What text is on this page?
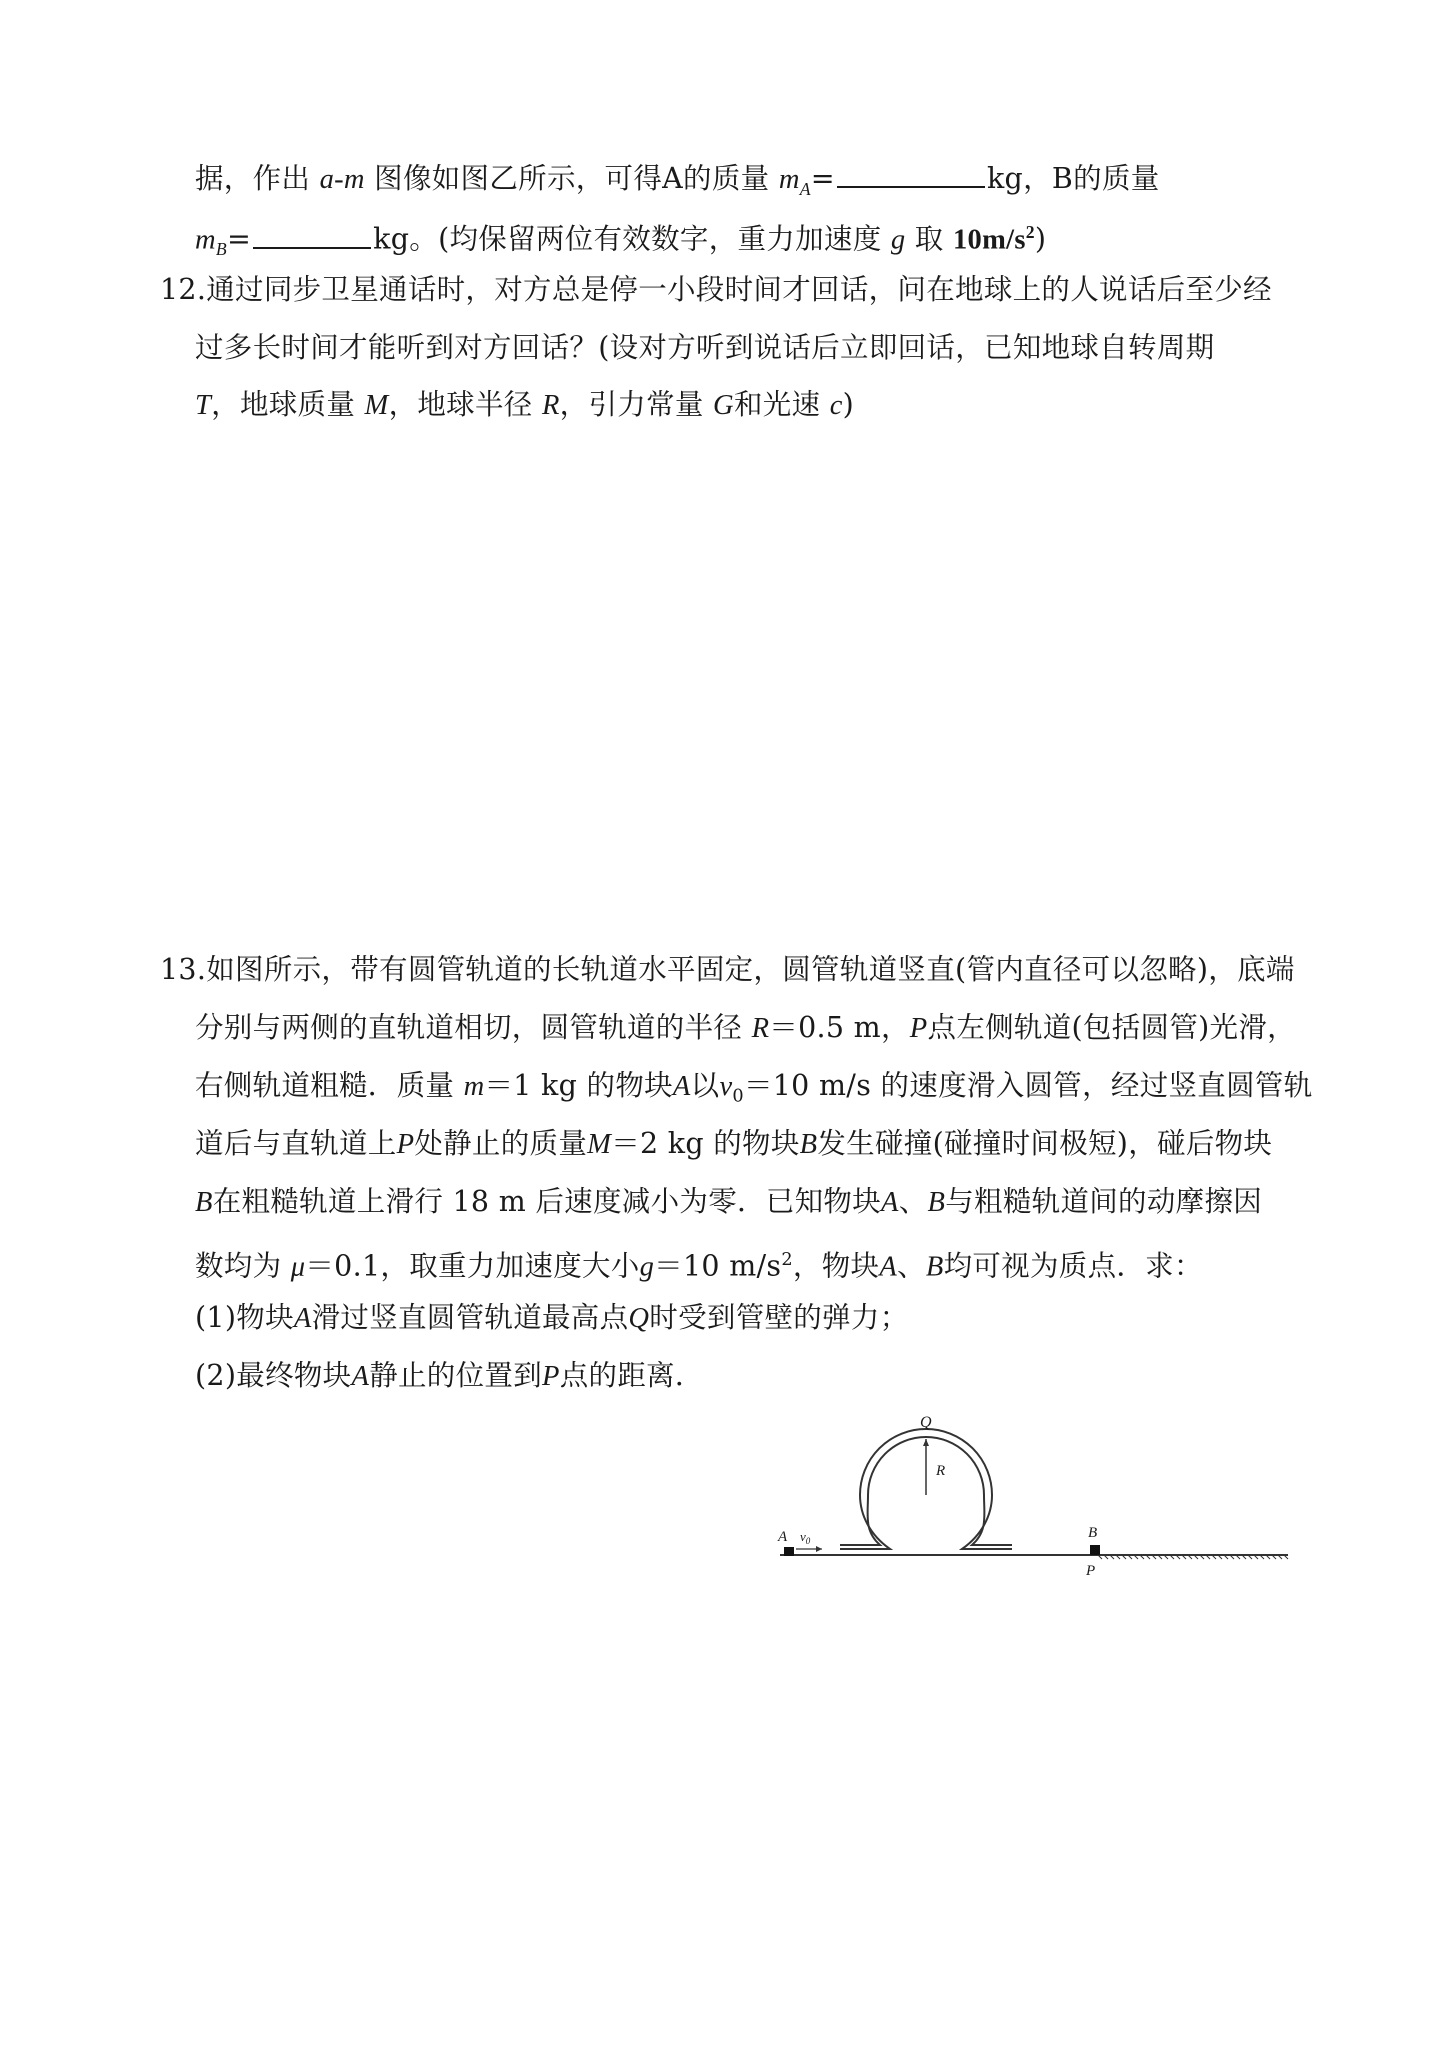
据，作出 a-m 图像如图乙所示，可得A的质量 $m_A=$	kg，B的质量
$m_B=$	kg。(均保留两位有效数字，重力加速度 g 取 $10m/s^2$)
12.通过同步卫星通话时，对方总是停一小段时间才回话，问在地球上的人说话后至少经
过多长时间才能听到对方回话？(设对方听到说话后立即回话，已知地球自转周期
T，地球质量 M，地球半径 R，引力常量 G和光速 c)
13.如图所示，带有圆管轨道的长轨道水平固定，圆管轨道竖直(管内直径可以忽略)，底端
分别与两侧的直轨道相切，圆管轨道的半径 R＝0.5 m，P点左侧轨道(包括圆管)光滑，
右侧轨道粗糙．质量 m＝1 kg 的物块A以$v_0=10$ m/s 的速度滑入圆管，经过竖直圆管轨
道后与直轨道上P处静止的质量M＝2 kg 的物块B发生碰撞(碰撞时间极短)，碰后物块
B在粗糙轨道上滑行 18 m 后速度减小为零．已知物块A、B与粗糙轨道间的动摩擦因
数均为 μ＝0.1，取重力加速度大小g＝10 $m/s^2$，物块A、B均可视为质点．求：
(1)物块A滑过竖直圆管轨道最高点Q时受到管壁的弹力；
(2)最终物块A静止的位置到P点的距离．
Q
R
A $v_0$	B
P
